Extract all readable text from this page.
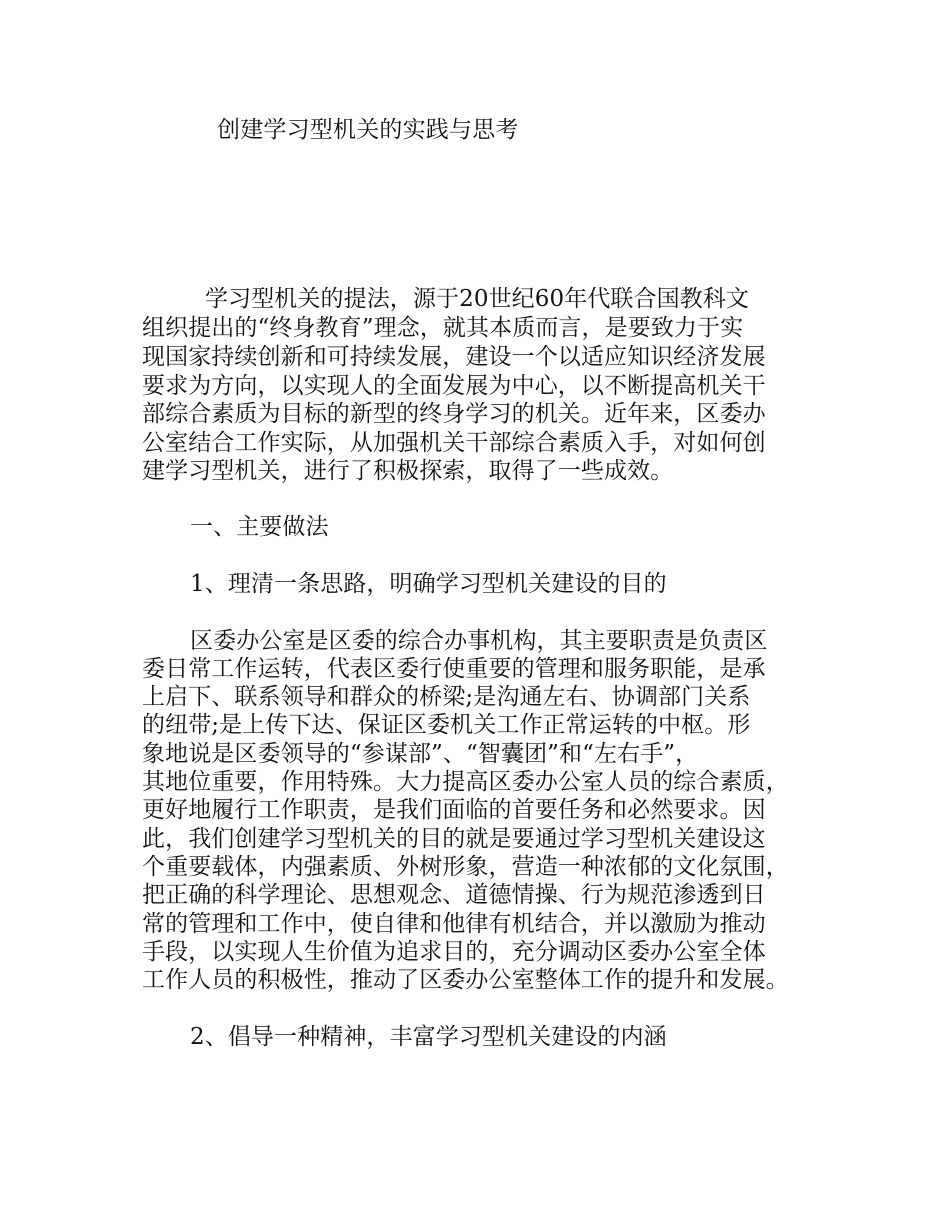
创建学习型机关的实践与思考
学习型机关的提法，源于20世纪60年代联合国教科文
组织提出的“终身教育”理念，就其本质而言，是要致力于实
现国家持续创新和可持续发展，建设一个以适应知识经济发展
要求为方向，以实现人的全面发展为中心，以不断提高机关干
部综合素质为目标的新型的终身学习的机关。近年来，区委办
公室结合工作实际，从加强机关干部综合素质入手，对如何创
建学习型机关，进行了积极探索，取得了一些成效。
一、主要做法
1、理清一条思路，明确学习型机关建设的目的
区委办公室是区委的综合办事机构，其主要职责是负责区
委日常工作运转，代表区委行使重要的管理和服务职能，是承
上启下、联系领导和群众的桥梁;是沟通左右、协调部门关系
的纽带;是上传下达、保证区委机关工作正常运转的中枢。形
象地说是区委领导的“参谋部”、“智囊团”和“左右手”，
其地位重要，作用特殊。大力提高区委办公室人员的综合素质，
更好地履行工作职责，是我们面临的首要任务和必然要求。因
此，我们创建学习型机关的目的就是要通过学习型机关建设这
个重要载体，内强素质、外树形象，营造一种浓郁的文化氛围，
把正确的科学理论、思想观念、道德情操、行为规范渗透到日
常的管理和工作中，使自律和他律有机结合，并以激励为推动
手段，以实现人生价值为追求目的，充分调动区委办公室全体
工作人员的积极性，推动了区委办公室整体工作的提升和发展。
2、倡导一种精神，丰富学习型机关建设的内涵
